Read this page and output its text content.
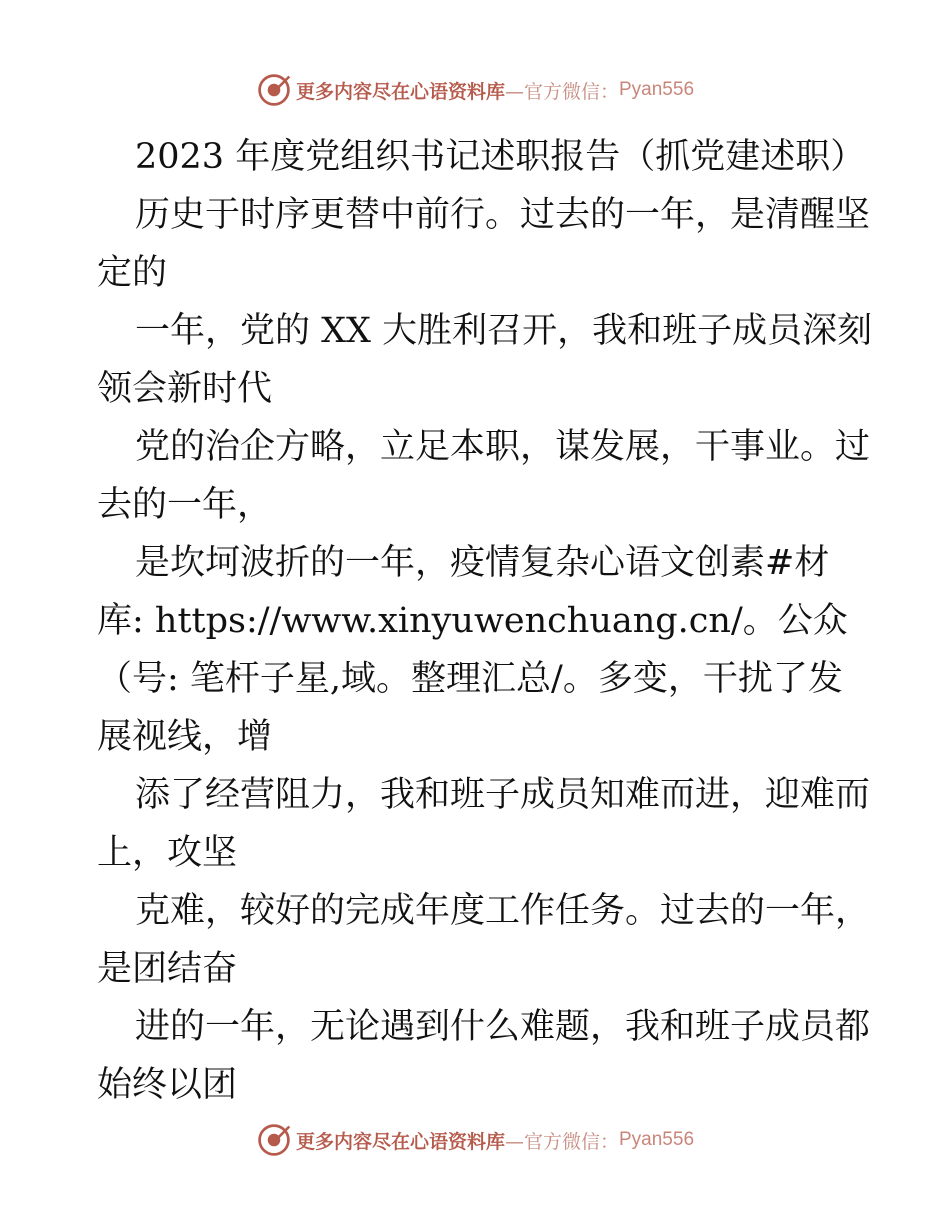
更多内容尽在心语资料库 —官方微信： Pyan556
2023 年度党组织书记述职报告（抓党建述职）
历史于时序更替中前行。过去的一年，是清醒坚
定的
一年，党的 XX 大胜利召开，我和班子成员深刻
领会新时代
党的治企方略，立足本职，谋发展，干事业。过
去的一年，
是坎坷波折的一年，疫情复杂心语文创素#材
库: https://www.xinyuwenchuang.cn/。公众
（号: 笔杆子星,域。整理汇总/。多变，干扰了发
展视线，增
添了经营阻力，我和班子成员知难而进，迎难而
上，攻坚
克难，较好的完成年度工作任务。过去的一年，
是团结奋
进的一年，无论遇到什么难题，我和班子成员都
始终以团
更多内容尽在心语资料库 —官方微信： Pyan556
